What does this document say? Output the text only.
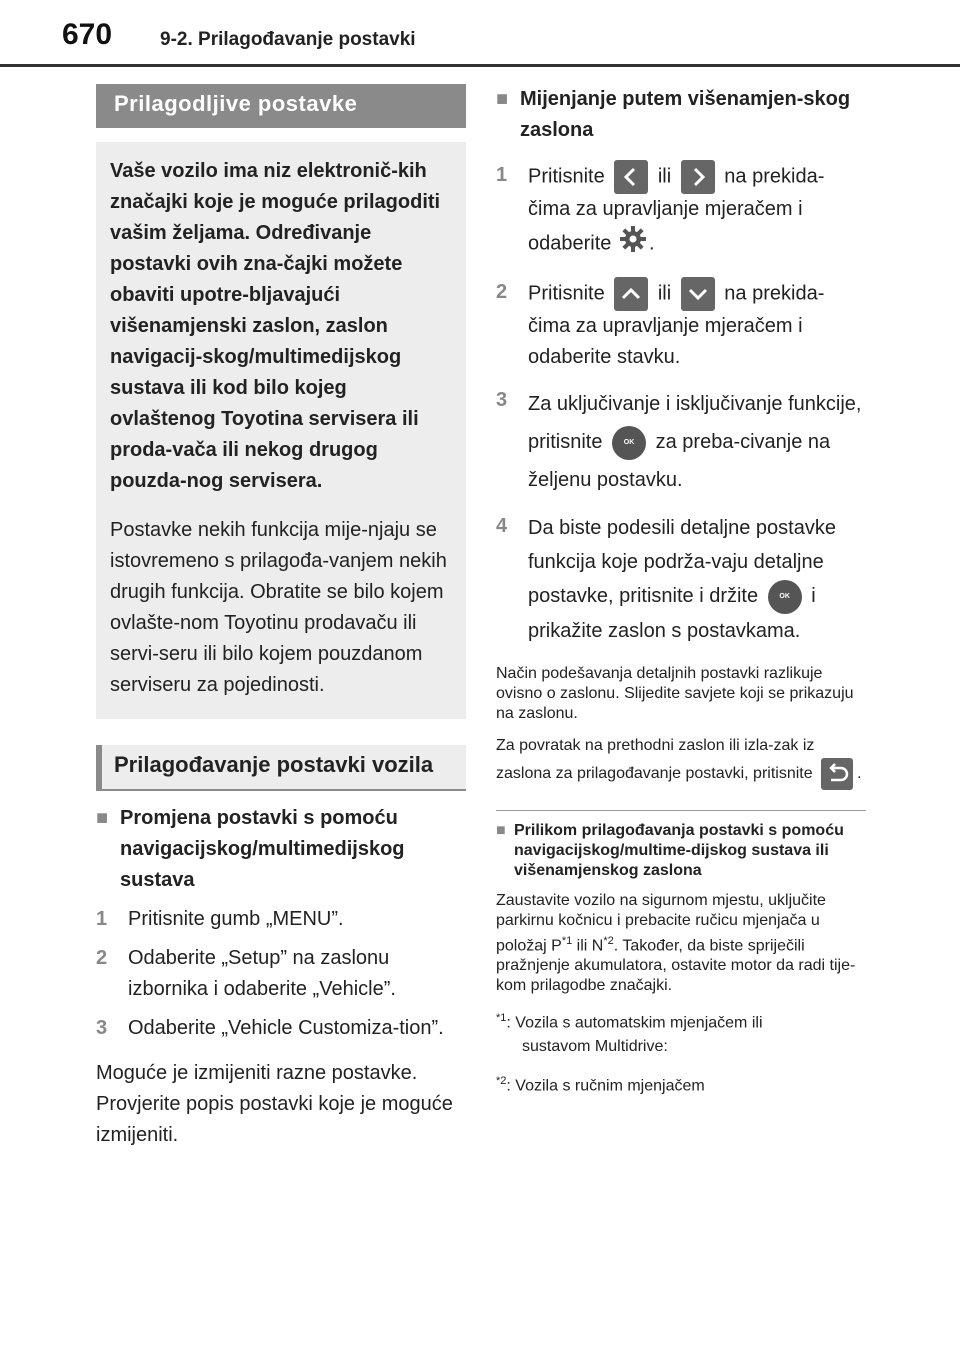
670	9-2. Prilagođavanje postavki
Prilagodljive postavke

Vaše vozilo ima niz elektronič-kih značajki koje je moguće prilagoditi vašim željama. Određivanje postavki ovih zna-čajki možete obaviti upotre-bljavajući višenamjenski zaslon, zaslon navigacij-skog/multimedijskog sustava ili kod bilo kojeg ovlaštenog Toyotina servisera ili proda-vača ili nekog drugog pouzda-nog servisera.

Postavke nekih funkcija mije-njaju se istovremeno s prilagođa-vanjem nekih drugih funkcija. Obratite se bilo kojem ovlašte-nom Toyotinu prodavaču ili servi-seru ili bilo kojem pouzdanom serviseru za pojedinosti.

Prilagođavanje postavki vozila
■ Promjena postavki s pomoću navigacijskog/multimedijskog sustava
1	Pritisnite gumb „MENU”.
2	Odaberite „Setup” na zaslonu izbornika i odaberite „Vehicle”.
3	Odaberite „Vehicle Customiza-tion”.
Moguće je izmijeniti razne postavke. Provjerite popis postavki koje je moguće izmijeniti.
■ Mijenjanje putem višenamjen-skog zaslona
1	Pritisnite	ili	na prekida-čima za upravljanje mjeračem i odaberite .
2	Pritisnite	ili	na prekida-čima za upravljanje mjeračem i odaberite stavku.
3	Za uključivanje i isključivanje funkcije, pritisnite	OK za preba-civanje na željenu postavku.
4	Da biste podesili detaljne postavke funkcija koje podrža-vaju detaljne postavke, pritisnite i držite	OK i prikažite zaslon s postavkama.
Način podešavanja detaljnih postavki razlikuje ovisno o zaslonu. Slijedite savjete koji se prikazuju na zaslonu.
Za povratak na prethodni zaslon ili izla-zak iz zaslona za prilagođavanje postavki, pritisnite	.
■ Prilikom prilagođavanja postavki s pomoću navigacijskog/multime-dijskog sustava ili višenamjenskog zaslona
Zaustavite vozilo na sigurnom mjestu, uključite parkirnu kočnicu i prebacite ručicu mjenjača u položaj $P^{*1}$ ili $N^{*2}$. Također, da biste spriječili pražnjenje akumulatora, ostavite motor da radi tije-kom prilagodbe značajki.
$^{*1}$: Vozila s automatskim mjenjačem ili
sustavom Multidrive:
$^{*2}$: Vozila s ručnim mjenjačem
